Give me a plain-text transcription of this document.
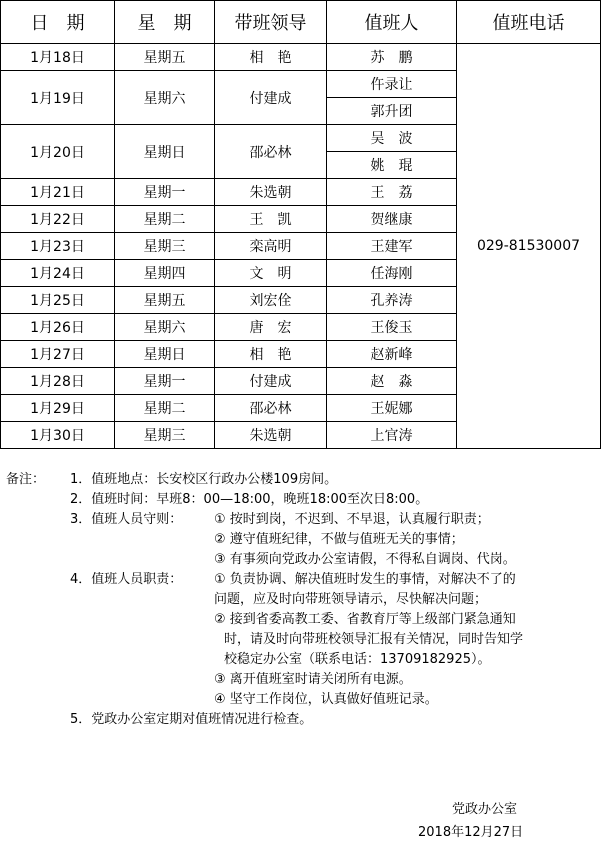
日　期	星　期	带班领导	值班人	值班电话
1月18日	星期五	相　艳	苏　鹏	029-81530007
1月19日	星期六	付建成	仵录让	
			郭升团	
1月20日	星期日	邵必林	吴　波	
			姚　琨	
1月21日	星期一	朱选朝	王　荔	
1月22日	星期二	王　凯	贺继康	
1月23日	星期三	栾高明	王建军	
1月24日	星期四	文　明	任海刚	
1月25日	星期五	刘宏佺	孔养涛	
1月26日	星期六	唐　宏	王俊玉	
1月27日	星期日	相　艳	赵新峰	
1月28日	星期一	付建成	赵　淼	
1月29日	星期二	邵必林	王妮娜	
1月30日	星期三	朱选朝	上官涛	
备注： 1．值班地点：长安校区行政办公楼109房间。
2．值班时间：早班8：00—18:00，晚班18:00至次日8:00。
3．值班人员守则： ① 按时到岗，不迟到、不早退，认真履行职责；
② 遵守值班纪律，不做与值班无关的事情；
③ 有事须向党政办公室请假，不得私自调岗、代岗。
4．值班人员职责： ① 负责协调、解决值班时发生的事情，对解决不了的
问题，应及时向带班领导请示，尽快解决问题；
② 接到省委高教工委、省教育厅等上级部门紧急通知
时，请及时向带班校领导汇报有关情况，同时告知学
校稳定办公室（联系电话：13709182925）。
③ 离开值班室时请关闭所有电源。
④ 坚守工作岗位，认真做好值班记录。
5．党政办公室定期对值班情况进行检查。
党政办公室
2018年12月27日
